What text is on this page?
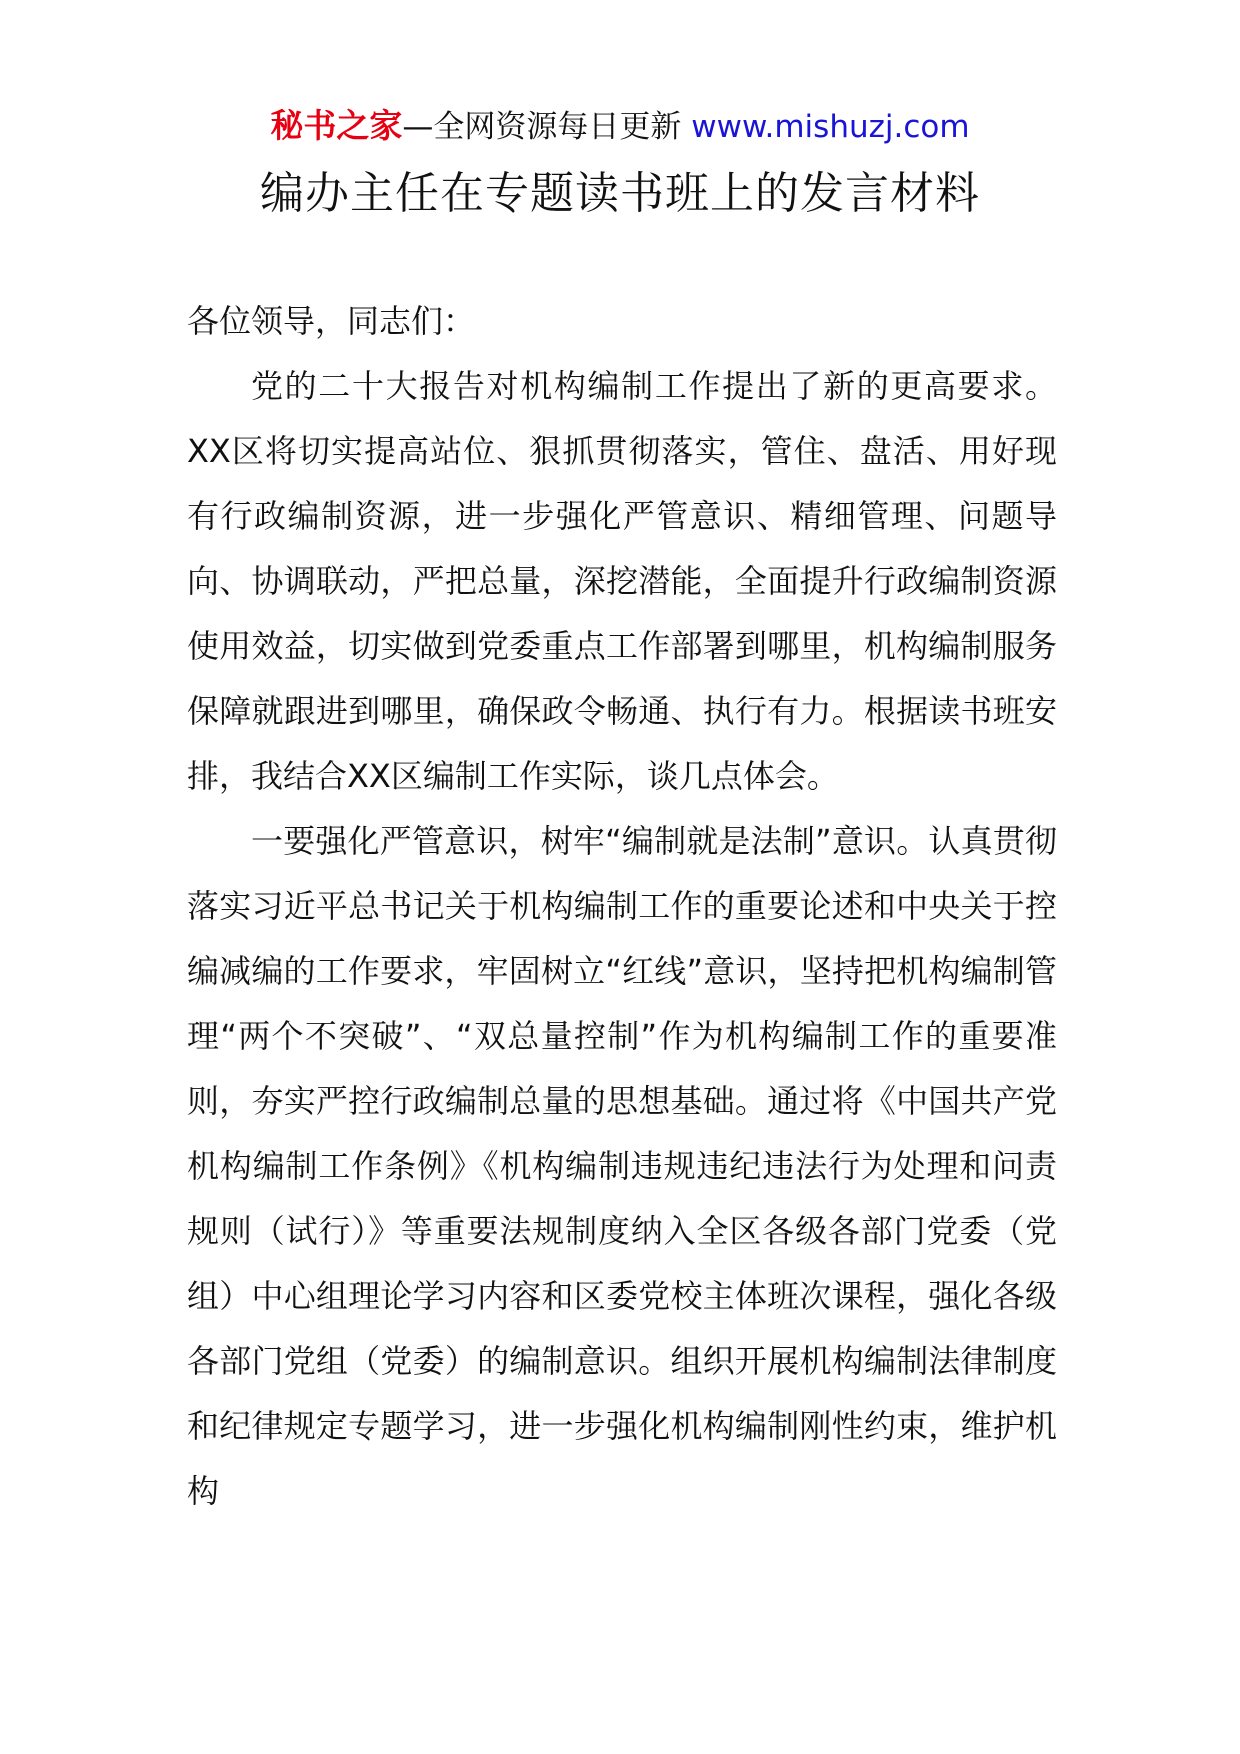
秘书之家—全网资源每日更新 www.mishuzj.com
编办主任在专题读书班上的发言材料

各位领导，同志们：

党的二十大报告对机构编制工作提出了新的更高要求。XX区将切实提高站位、狠抓贯彻落实，管住、盘活、用好现有行政编制资源，进一步强化严管意识、精细管理、问题导向、协调联动，严把总量，深挖潜能，全面提升行政编制资源使用效益，切实做到党委重点工作部署到哪里，机构编制服务保障就跟进到哪里，确保政令畅通、执行有力。根据读书班安排，我结合XX区编制工作实际，谈几点体会。

一要强化严管意识，树牢“编制就是法制”意识。认真贯彻落实习近平总书记关于机构编制工作的重要论述和中央关于控编减编的工作要求，牢固树立“红线”意识，坚持把机构编制管理“两个不突破”、“双总量控制”作为机构编制工作的重要准则，夯实严控行政编制总量的思想基础。通过将《中国共产党机构编制工作条例》《机构编制违规违纪违法行为处理和问责规则（试行）》等重要法规制度纳入全区各级各部门党委（党组）中心组理论学习内容和区委党校主体班次课程，强化各级各部门党组（党委）的编制意识。组织开展机构编制法律制度和纪律规定专题学习，进一步强化机构编制刚性约束，维护机构
